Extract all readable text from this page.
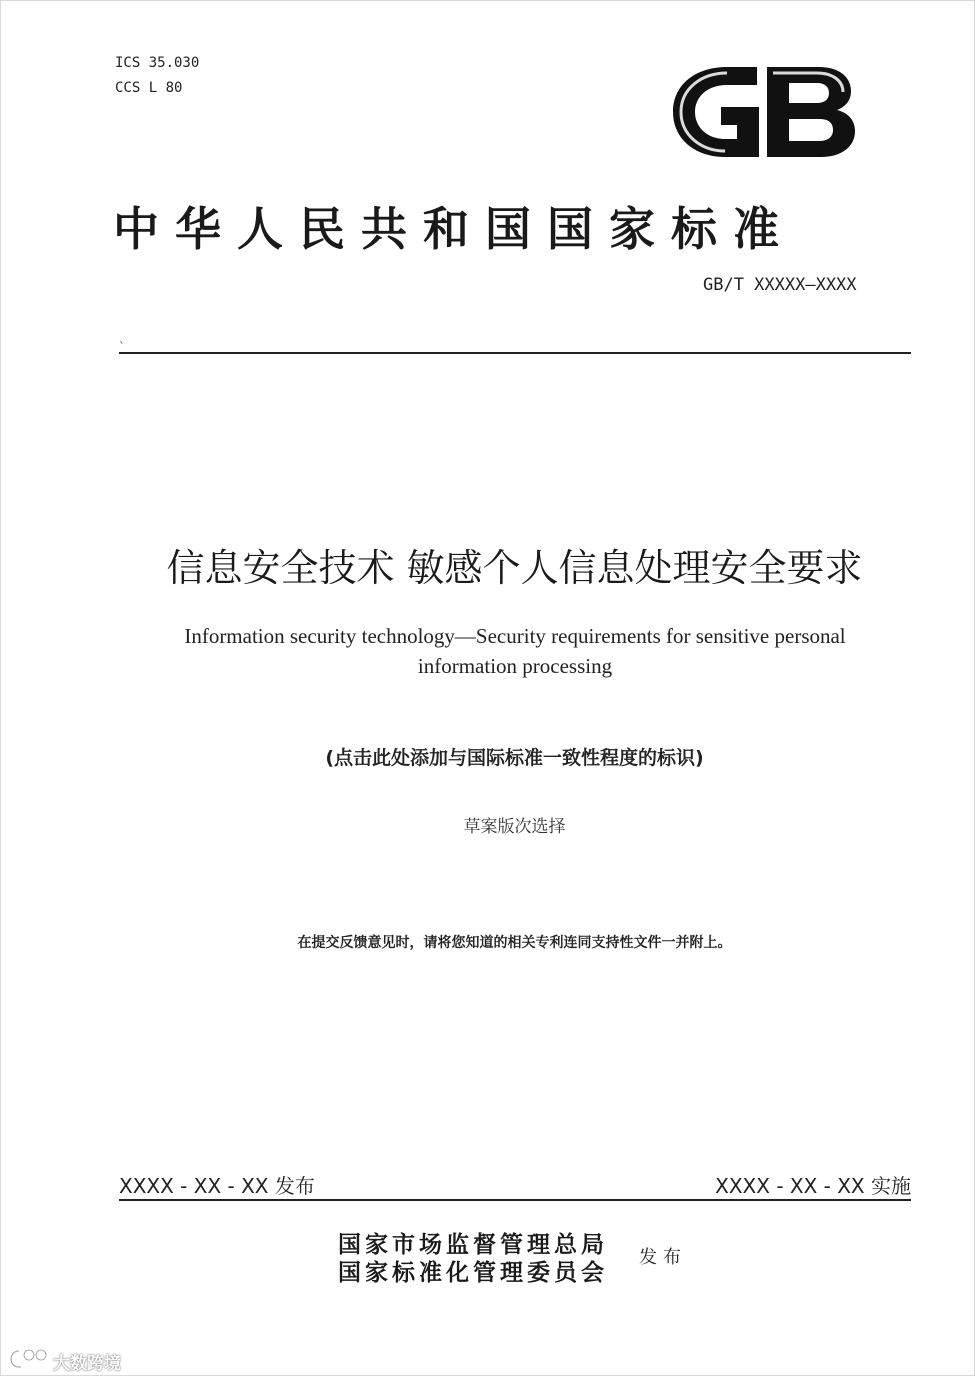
ICS 35.030
CCS L 80
中华人民共和国国家标准
GB/T XXXXX—XXXX
`
信息安全技术 敏感个人信息处理安全要求
Information security technology—Security requirements for sensitive personal
information processing
(点击此处添加与国际标准一致性程度的标识)
草案版次选择
在提交反馈意见时，请将您知道的相关专利连同支持性文件一并附上。
XXXX - XX - XX 发布	XXXX - XX - XX 实施
国家市场监督管理总局
国家标准化管理委员会
发布
大数跨境
